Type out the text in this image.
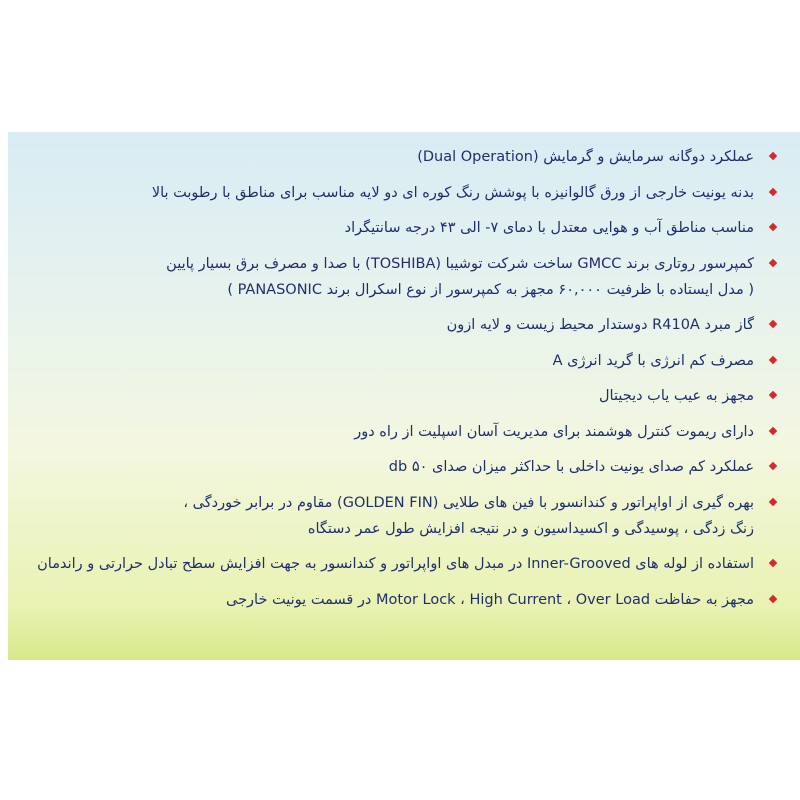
عملکرد دوگانه سرمایش و گرمایش (Dual Operation)
بدنه یونیت خارجی از ورق گالوانیزه با پوشش رنگ کوره ای دو لایه مناسب برای مناطق با رطوبت بالا
مناسب مناطق آب و هوایی معتدل با دمای ۷- الی ۴۳ درجه سانتیگراد
کمپرسور روتاری برند GMCC ساخت شرکت توشیبا (TOSHIBA) با صدا و مصرف برق بسیار پایین
( مدل ایستاده با ظرفیت ۶۰,۰۰۰ مجهز به کمپرسور از نوع اسکرال برند PANASONIC )
گاز مبرد R410A دوستدار محیط زیست و لایه ازون
مصرف کم انرژی با گرید انرژی A
مجهز به عیب یاب دیجیتال
دارای ریموت کنترل هوشمند برای مدیریت آسان اسپلیت از راه دور
عملکرد کم صدای یونیت داخلی با حداکثر میزان صدای ۵۰ db
بهره گیری از اواپراتور و کندانسور با فین های طلایی (GOLDEN FIN) مقاوم در برابر خوردگی ،
زنگ زدگی ، پوسیدگی و اکسیداسیون و در نتیجه افزایش طول عمر دستگاه
استفاده از لوله های Inner-Grooved در مبدل های اواپراتور و کندانسور به جهت افزایش سطح تبادل حرارتی و راندمان
مجهز به حفاظت Motor Lock ، High Current ، Over Load در قسمت یونیت خارجی
